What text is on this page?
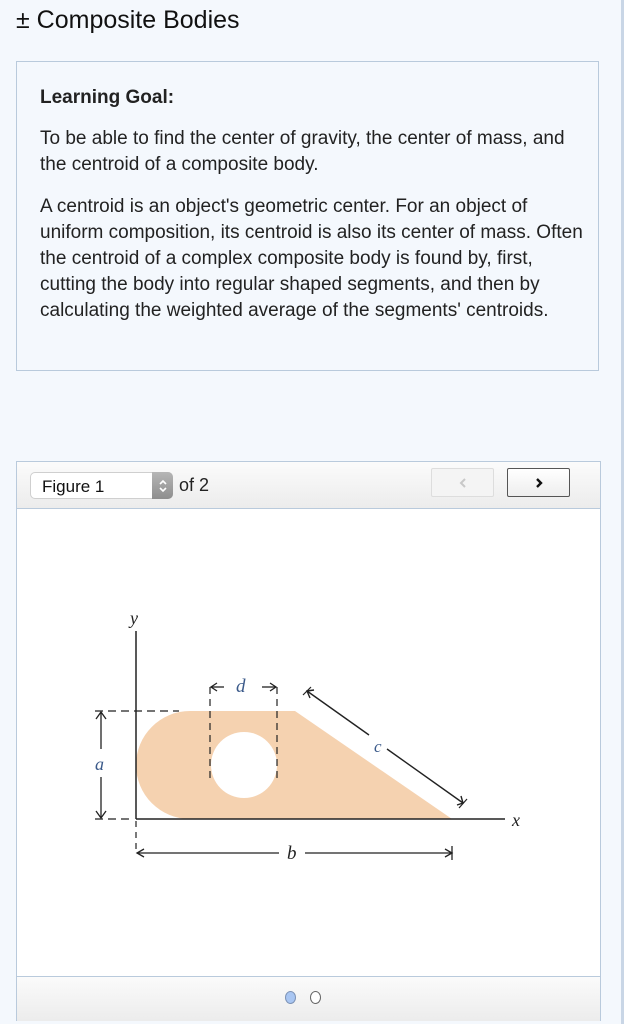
± Composite Bodies
Learning Goal:
To be able to find the center of gravity, the center of mass, and the centroid of a composite body.
A centroid is an object's geometric center. For an object of uniform composition, its centroid is also its center of mass. Often the centroid of a complex composite body is found by, first, cutting the body into regular shaped segments, and then by calculating the weighted average of the segments' centroids.
Figure 1	of 2
y
x
a
d
c
b
